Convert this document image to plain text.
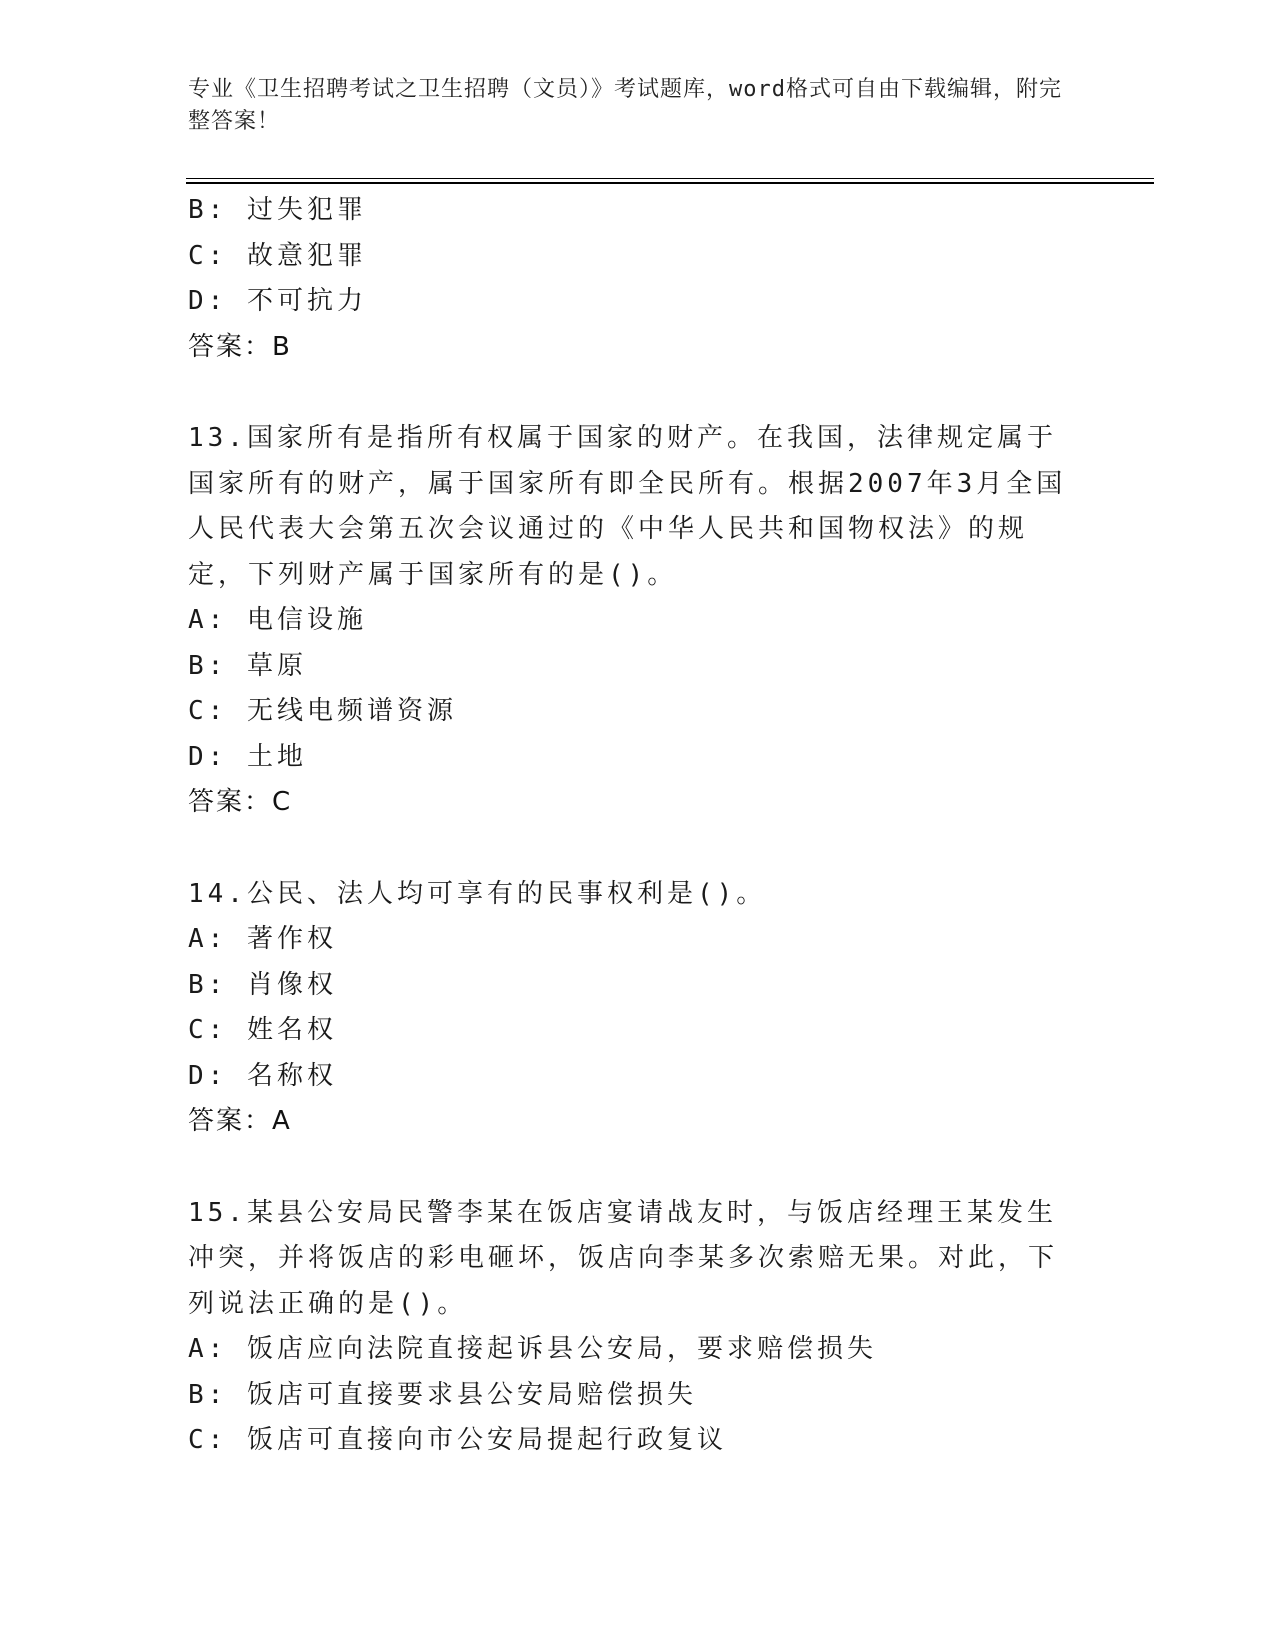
专业《卫生招聘考试之卫生招聘（文员）》考试题库，word格式可自由下载编辑，附完整答案！
B: 过失犯罪
C: 故意犯罪
D: 不可抗力
答案：B
13.国家所有是指所有权属于国家的财产。在我国，法律规定属于国家所有的财产，属于国家所有即全民所有。根据2007年3月全国人民代表大会第五次会议通过的《中华人民共和国物权法》的规定，下列财产属于国家所有的是()。
A: 电信设施
B: 草原
C: 无线电频谱资源
D: 土地
答案：C
14.公民、法人均可享有的民事权利是()。
A: 著作权
B: 肖像权
C: 姓名权
D: 名称权
答案：A
15.某县公安局民警李某在饭店宴请战友时，与饭店经理王某发生冲突，并将饭店的彩电砸坏，饭店向李某多次索赔无果。对此，下列说法正确的是()。
A: 饭店应向法院直接起诉县公安局，要求赔偿损失
B: 饭店可直接要求县公安局赔偿损失
C: 饭店可直接向市公安局提起行政复议
